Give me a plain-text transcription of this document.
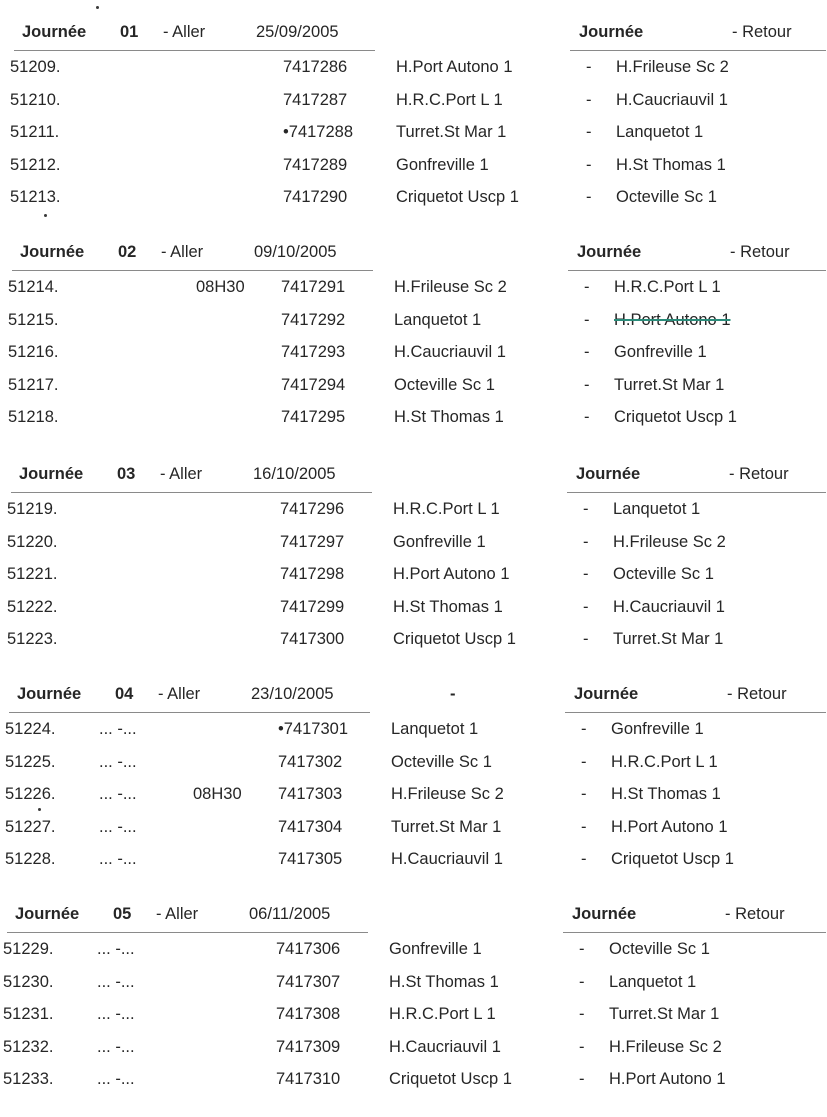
Journée 01 - Aller	25/09/2005	Journée	- Retour
51209.	7417286	H.Port Autono 1	- H.Frileuse Sc 2
51210.	7417287	H.R.C.Port L 1	- H.Caucriauvil 1
51211.	•7417288	Turret.St Mar 1	- Lanquetot 1
51212.	7417289	Gonfreville 1	- H.St Thomas 1
51213.	7417290	Criquetot Uscp 1	- Octeville Sc 1
Journée 02 - Aller	09/10/2005	Journée	- Retour
51214.	08H30 7417291	H.Frileuse Sc 2	- H.R.C.Port L 1
51215.	7417292	Lanquetot 1	- H.Port Autono 1
51216.	7417293	H.Caucriauvil 1	- Gonfreville 1
51217.	7417294	Octeville Sc 1	- Turret.St Mar 1
51218.	7417295	H.St Thomas 1	- Criquetot Uscp 1
Journée 03 - Aller	16/10/2005	Journée	- Retour
51219.	7417296	H.R.C.Port L 1	- Lanquetot 1
51220.	7417297	Gonfreville 1	- H.Frileuse Sc 2
51221.	7417298	H.Port Autono 1	- Octeville Sc 1
51222.	7417299	H.St Thomas 1	- H.Caucriauvil 1
51223.	7417300	Criquetot Uscp 1	- Turret.St Mar 1
Journée 04 - Aller	23/10/2005	-	Journée	- Retour
51224.	... -...	•7417301	Lanquetot 1	- Gonfreville 1
51225.	... -...	7417302	Octeville Sc 1	- H.R.C.Port L 1
51226.	... -...	08H30 7417303	H.Frileuse Sc 2	- H.St Thomas 1
51227.	... -...	7417304	Turret.St Mar 1	- H.Port Autono 1
51228.	... -...	7417305	H.Caucriauvil 1	- Criquetot Uscp 1
Journée 05 - Aller	06/11/2005	Journée	- Retour
51229.	... -...	7417306	Gonfreville 1	- Octeville Sc 1
51230.	... -...	7417307	H.St Thomas 1	- Lanquetot 1
51231.	... -...	7417308	H.R.C.Port L 1	- Turret.St Mar 1
51232.	... -...	7417309	H.Caucriauvil 1	- H.Frileuse Sc 2
51233.	... -...	7417310	Criquetot Uscp 1	- H.Port Autono 1
